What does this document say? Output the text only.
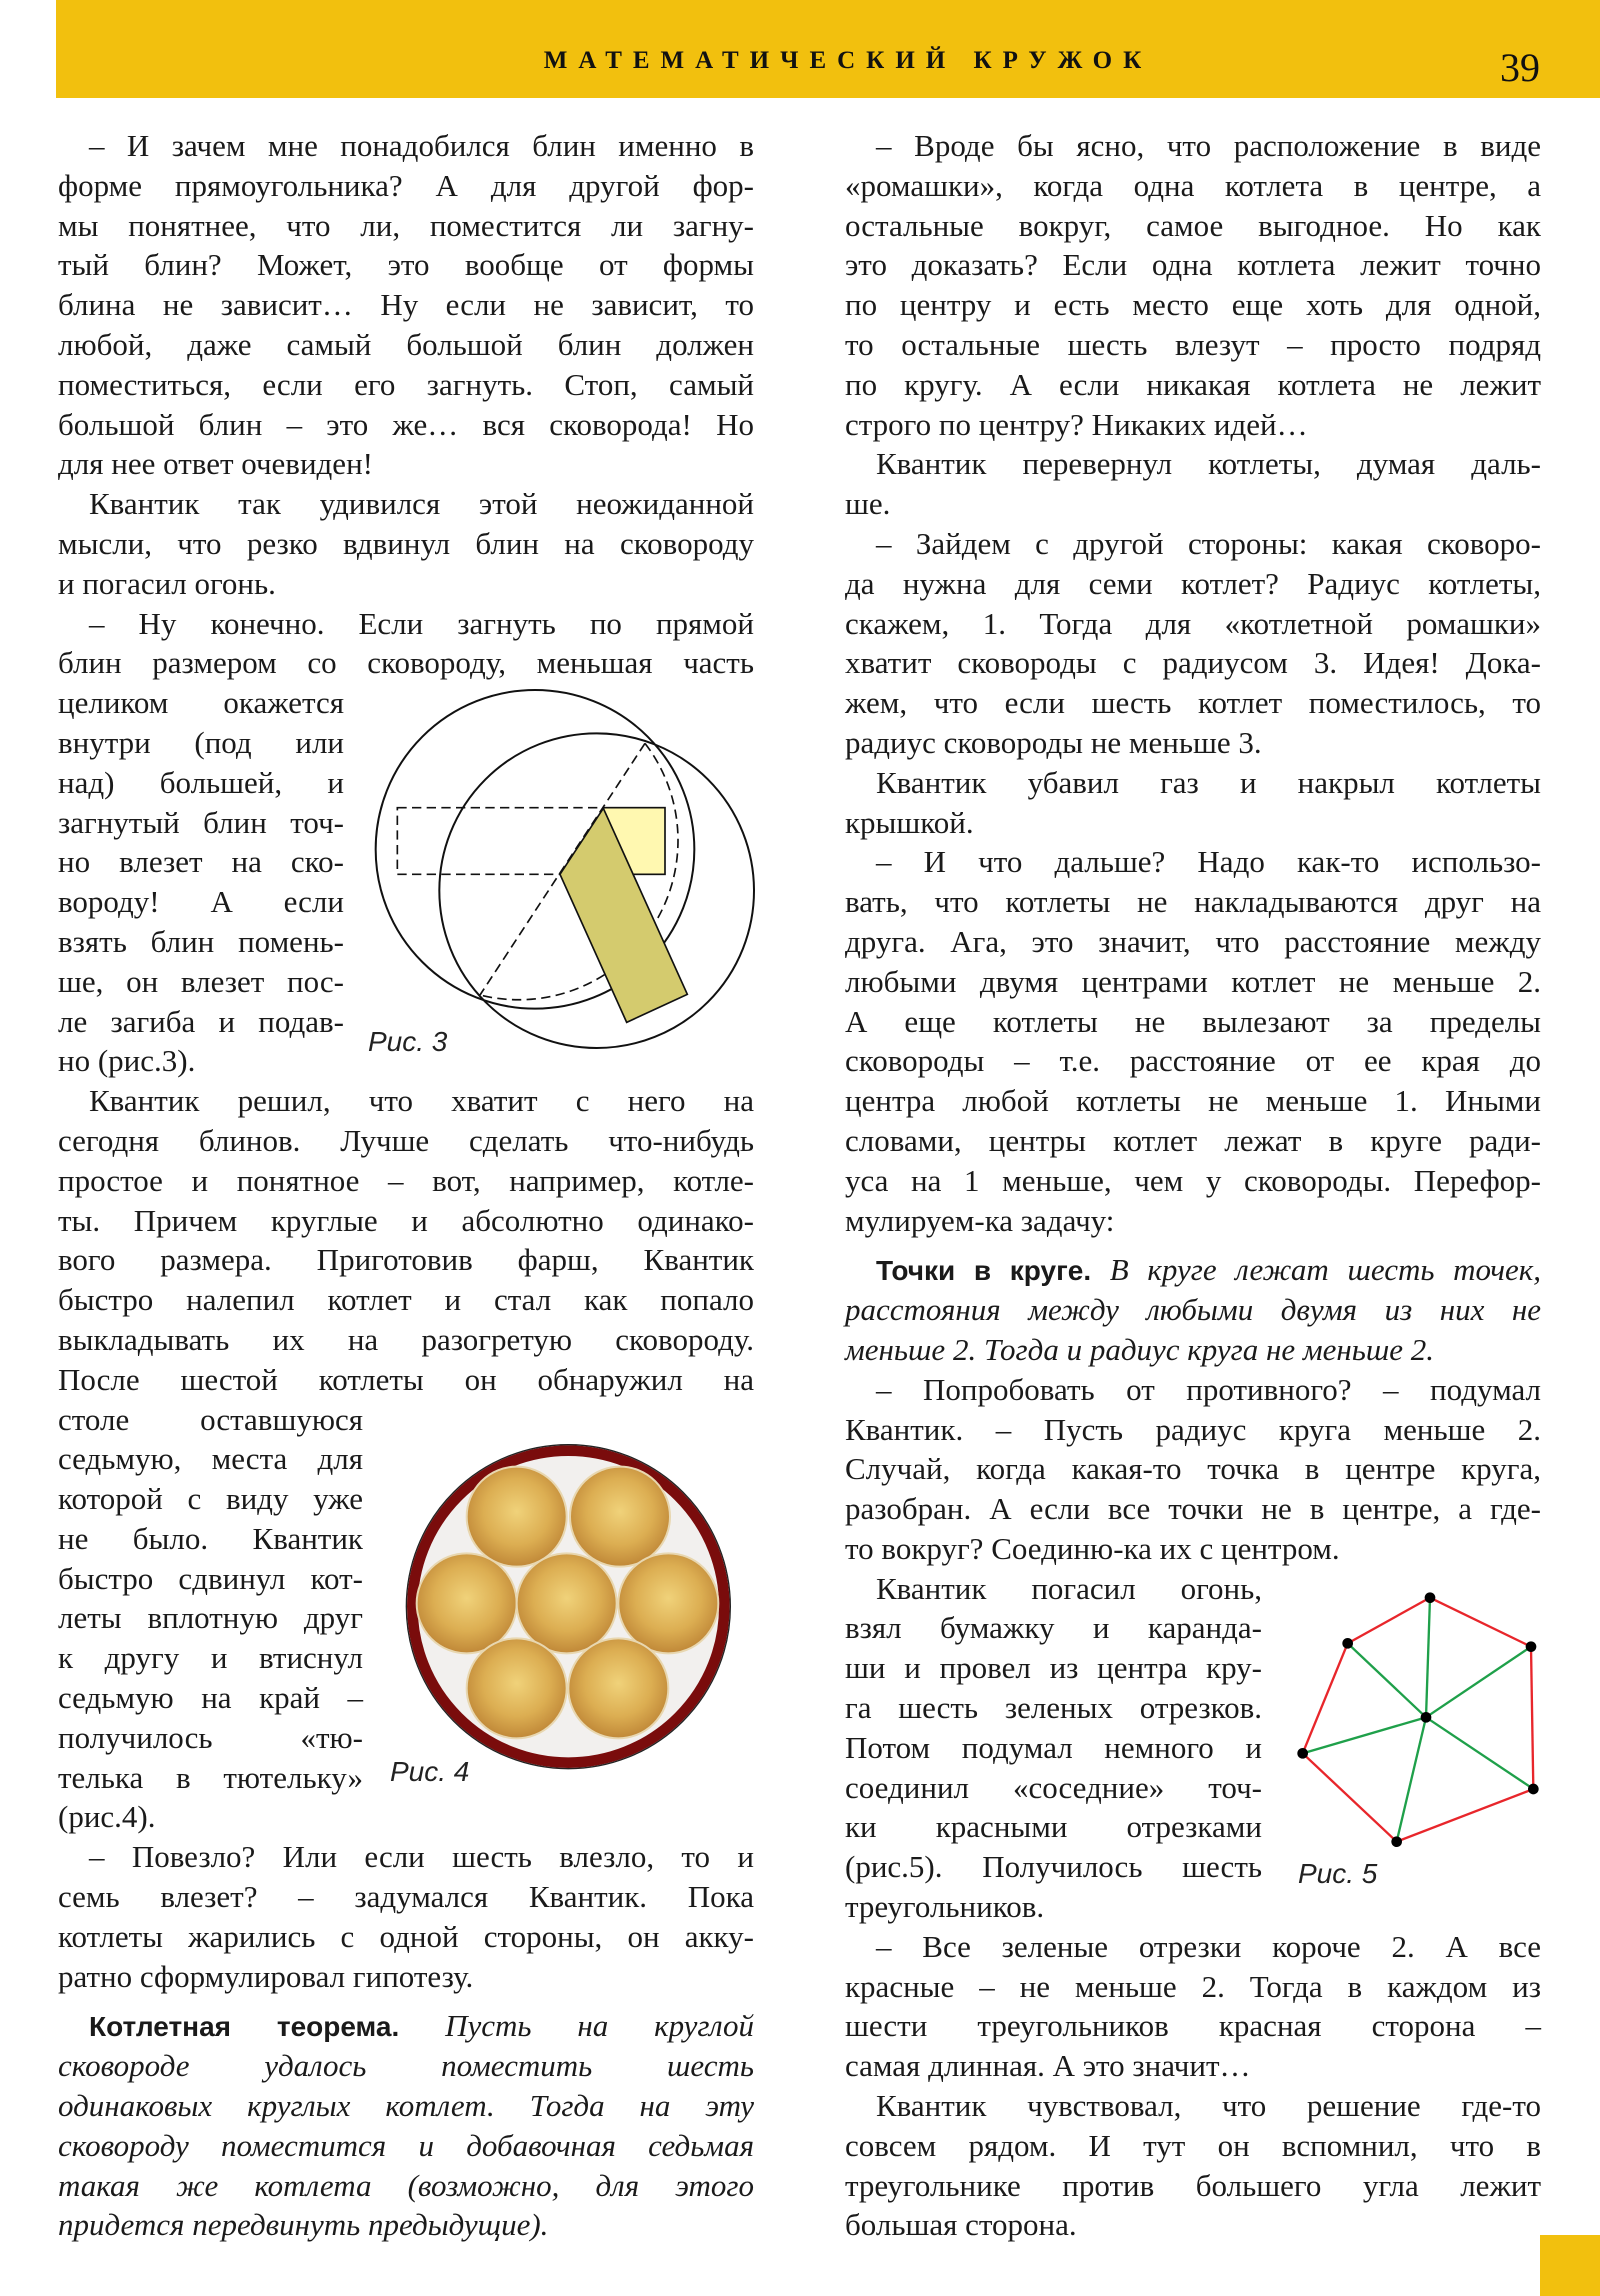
МАТЕМАТИЧЕСКИЙ КРУЖОК	39
– И зачем мне понадобился блин именно в
форме прямоугольника? А для другой фор-
мы понятнее, что ли, поместится ли загну-
тый блин? Может, это вообще от формы
блина не зависит… Ну если не зависит, то
любой, даже самый большой блин должен
поместиться, если его загнуть. Стоп, самый
большой блин – это же… вся сковорода! Но
для нее ответ очевиден!
Квантик так удивился этой неожиданной
мысли, что резко вдвинул блин на сковороду
и погасил огонь.
– Ну конечно. Если загнуть по прямой
блин размером со сковороду, меньшая часть
целиком окажется
внутри (под или
над) большей, и
загнутый блин точ-
но влезет на ско-
вороду! А если
взять блин помень-
ше, он влезет пос-
ле загиба и подав-
но (рис.3).
Квантик решил, что хватит с него на
сегодня блинов. Лучше сделать что-нибудь
простое и понятное – вот, например, котле-
ты. Причем круглые и абсолютно одинако-
вого размера. Приготовив фарш, Квантик
быстро налепил котлет и стал как попало
выкладывать их на разогретую сковороду.
После шестой котлеты он обнаружил на
столе оставшуюся
седьмую, места для
которой с виду уже
не было. Квантик
быстро сдвинул кот-
леты вплотную друг
к другу и втиснул
седьмую на край –
получилось «тю-
телька в тютельку»
(рис.4).
– Повезло? Или если шесть влезло, то и
семь влезет? – задумался Квантик. Пока
котлеты жарились с одной стороны, он акку-
ратно сформулировал гипотезу.
Котлетная теорема. Пусть на круглой
сковороде удалось поместить шесть
одинаковых круглых котлет. Тогда на эту
сковороду поместится и добавочная седьмая
такая же котлета (возможно, для этого
придется передвинуть предыдущие).
– Вроде бы ясно, что расположение в виде
«ромашки», когда одна котлета в центре, а
остальные вокруг, самое выгодное. Но как
это доказать? Если одна котлета лежит точно
по центру и есть место еще хоть для одной,
то остальные шесть влезут – просто подряд
по кругу. А если никакая котлета не лежит
строго по центру? Никаких идей…
Квантик перевернул котлеты, думая даль-
ше.
– Зайдем с другой стороны: какая сковоро-
да нужна для семи котлет? Радиус котлеты,
скажем, 1. Тогда для «котлетной ромашки»
хватит сковороды с радиусом 3. Идея! Дока-
жем, что если шесть котлет поместилось, то
радиус сковороды не меньше 3.
Квантик убавил газ и накрыл котлеты
крышкой.
– И что дальше? Надо как-то использо-
вать, что котлеты не накладываются друг на
друга. Ага, это значит, что расстояние между
любыми двумя центрами котлет не меньше 2.
А еще котлеты не вылезают за пределы
сковороды – т.е. расстояние от ее края до
центра любой котлеты не меньше 1. Иными
словами, центры котлет лежат в круге ради-
уса на 1 меньше, чем у сковороды. Перефор-
мулируем-ка задачу:
Точки в круге. В круге лежат шесть точек,
расстояния между любыми двумя из них не
меньше 2. Тогда и радиус круга не меньше 2.
– Попробовать от противного? – подумал
Квантик. – Пусть радиус круга меньше 2.
Случай, когда какая-то точка в центре круга,
разобран. А если все точки не в центре, а где-
то вокруг? Соединю-ка их с центром.
Квантик погасил огонь,
взял бумажку и каранда-
ши и провел из центра кру-
га шесть зеленых отрезков.
Потом подумал немного и
соединил «соседние» точ-
ки красными отрезками
(рис.5). Получилось шесть
треугольников.
– Все зеленые отрезки короче 2. А все
красные – не меньше 2. Тогда в каждом из
шести треугольников красная сторона –
самая длинная. А это значит…
Квантик чувствовал, что решение где-то
совсем рядом. И тут он вспомнил, что в
треугольнике против большего угла лежит
большая сторона.
Рис. 3
Рис. 4
Рис. 5
